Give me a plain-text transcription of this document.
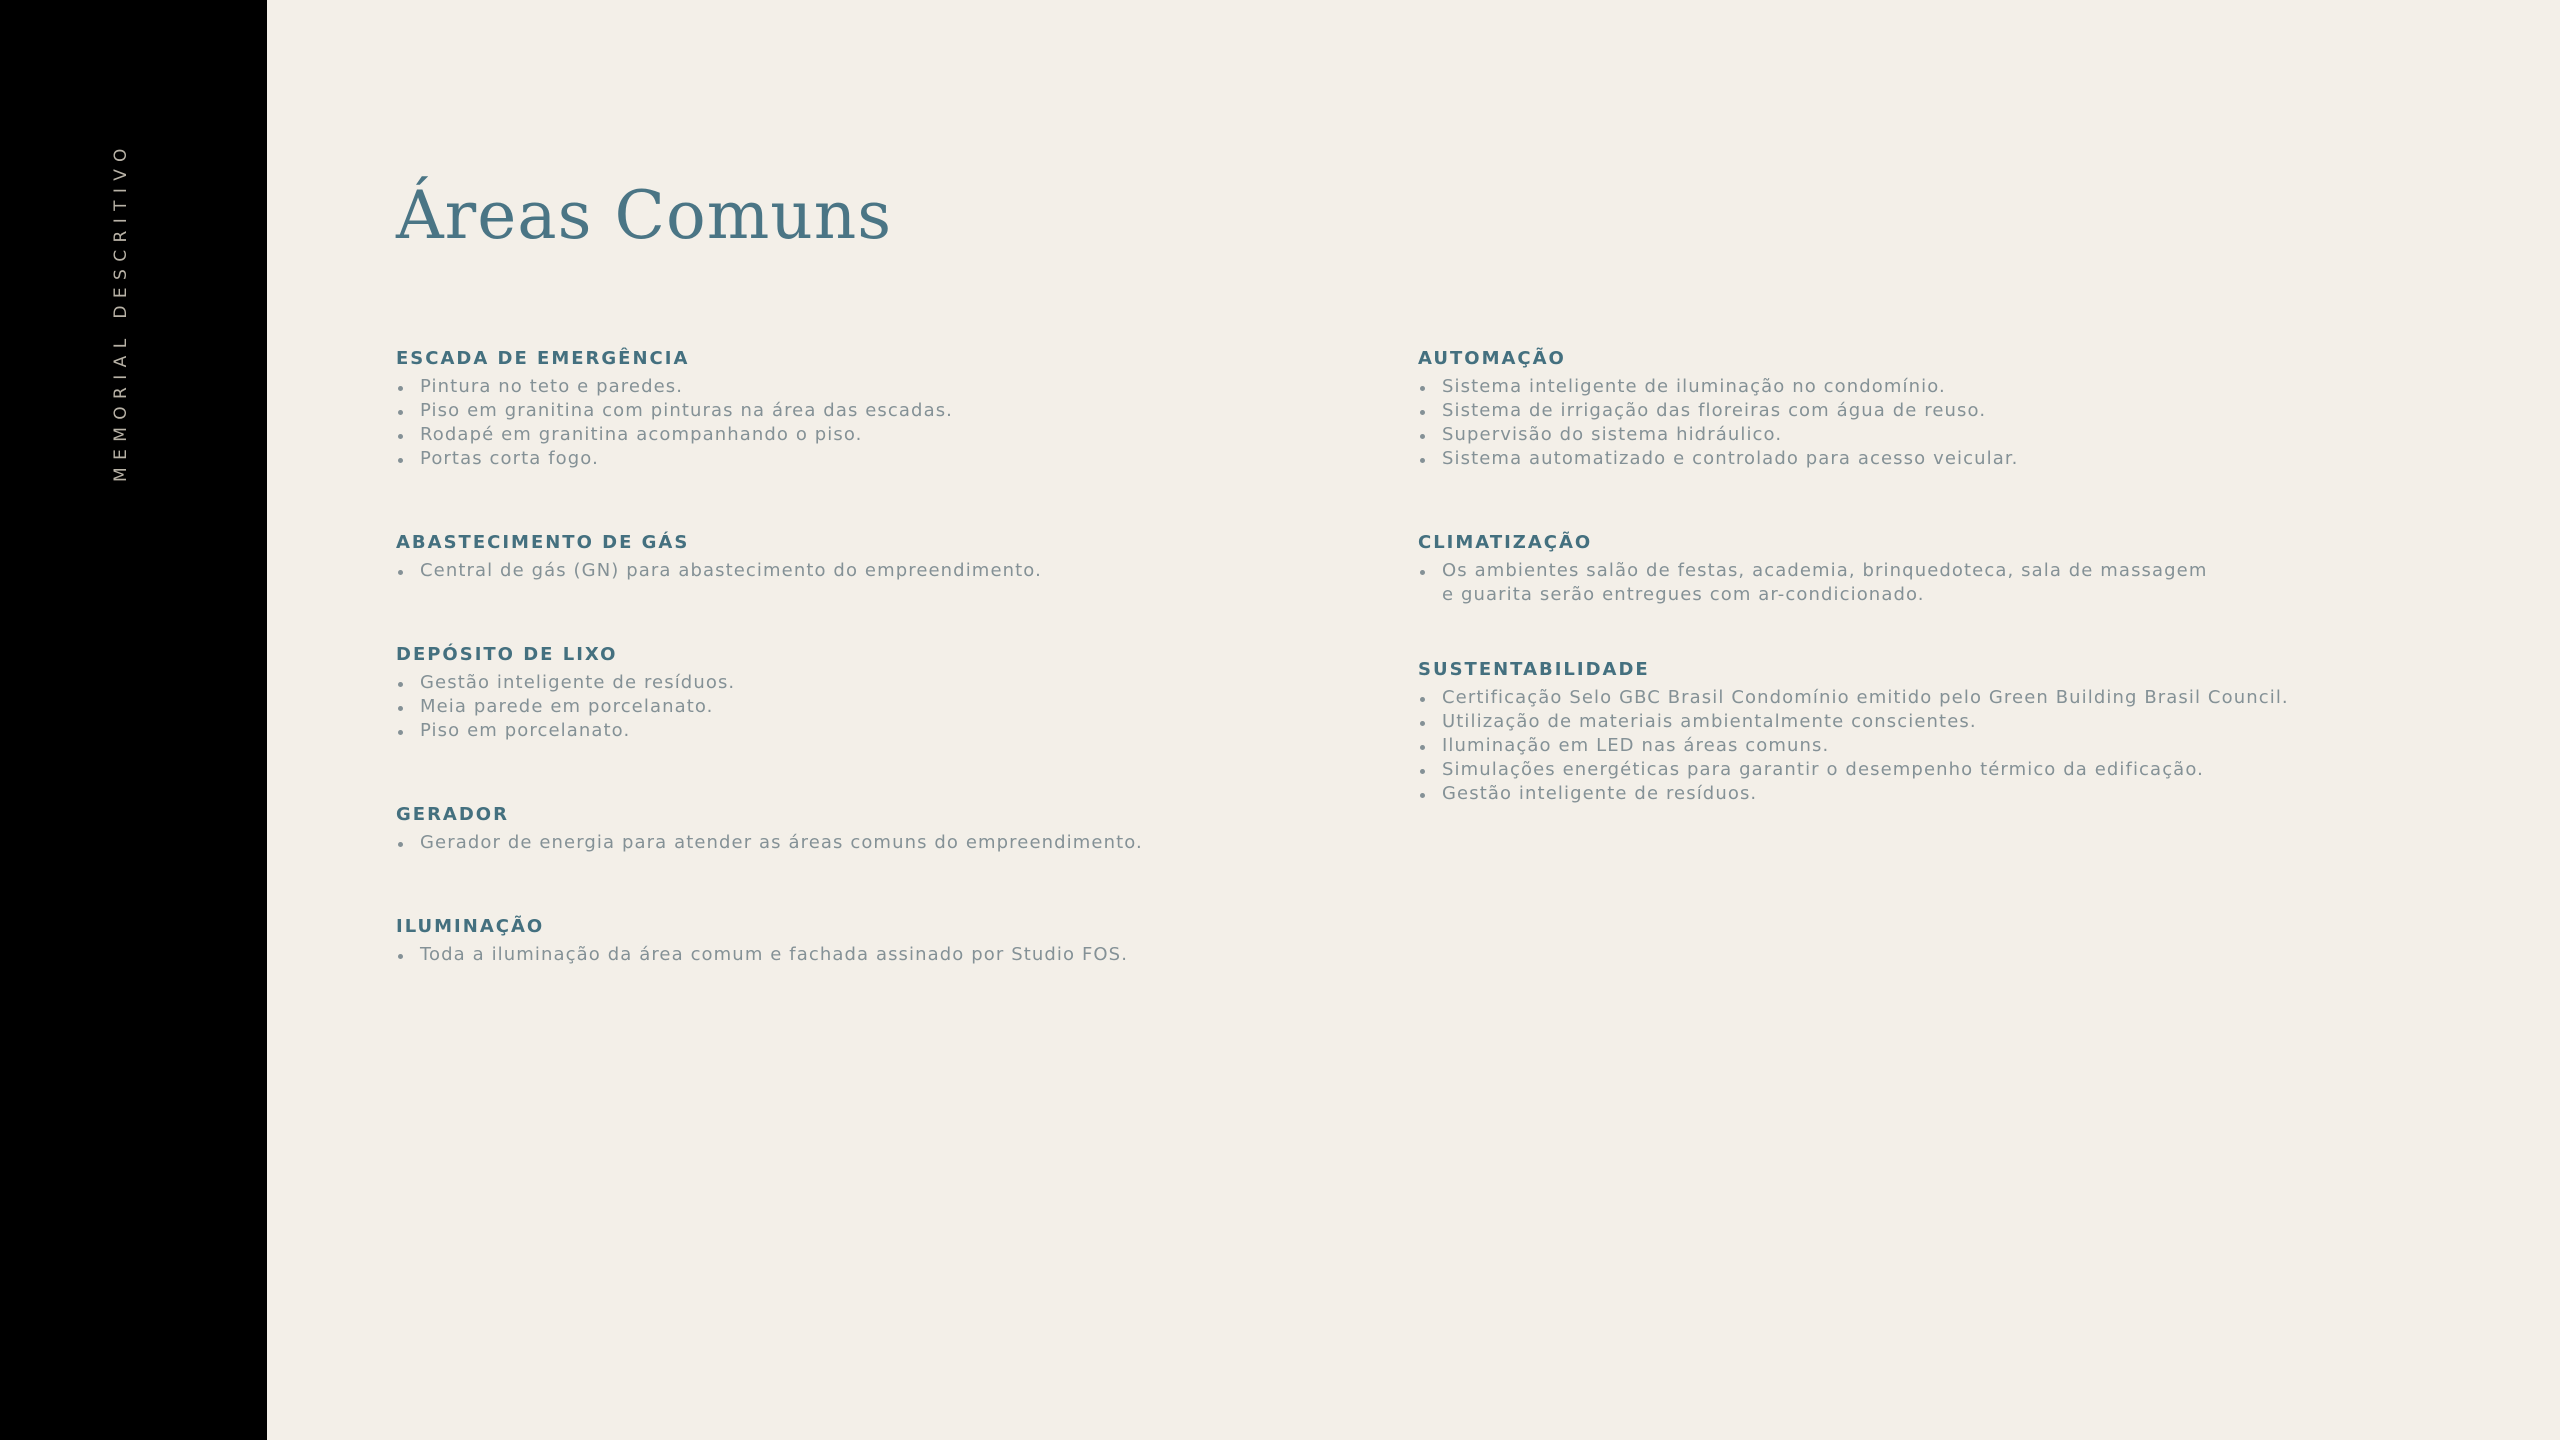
MEMORIAL DESCRITIVO	Áreas Comuns
ESCADA DE EMERGÊNCIA
Pintura no teto e paredes.
Piso em granitina com pinturas na área das escadas.
Rodapé em granitina acompanhando o piso.
Portas corta fogo.
ABASTECIMENTO DE GÁS
Central de gás (GN) para abastecimento do empreendimento.
DEPÓSITO DE LIXO
Gestão inteligente de resíduos.
Meia parede em porcelanato.
Piso em porcelanato.
GERADOR
Gerador de energia para atender as áreas comuns do empreendimento.
ILUMINAÇÃO
Toda a iluminação da área comum e fachada assinado por Studio FOS.
AUTOMAÇÃO
Sistema inteligente de iluminação no condomínio.
Sistema de irrigação das floreiras com água de reuso.
Supervisão do sistema hidráulico.
Sistema automatizado e controlado para acesso veicular.
CLIMATIZAÇÃO
Os ambientes salão de festas, academia, brinquedoteca, sala de massagem
e guarita serão entregues com ar-condicionado.
SUSTENTABILIDADE
Certificação Selo GBC Brasil Condomínio emitido pelo Green Building Brasil Council.
Utilização de materiais ambientalmente conscientes.
Iluminação em LED nas áreas comuns.
Simulações energéticas para garantir o desempenho térmico da edificação.
Gestão inteligente de resíduos.
